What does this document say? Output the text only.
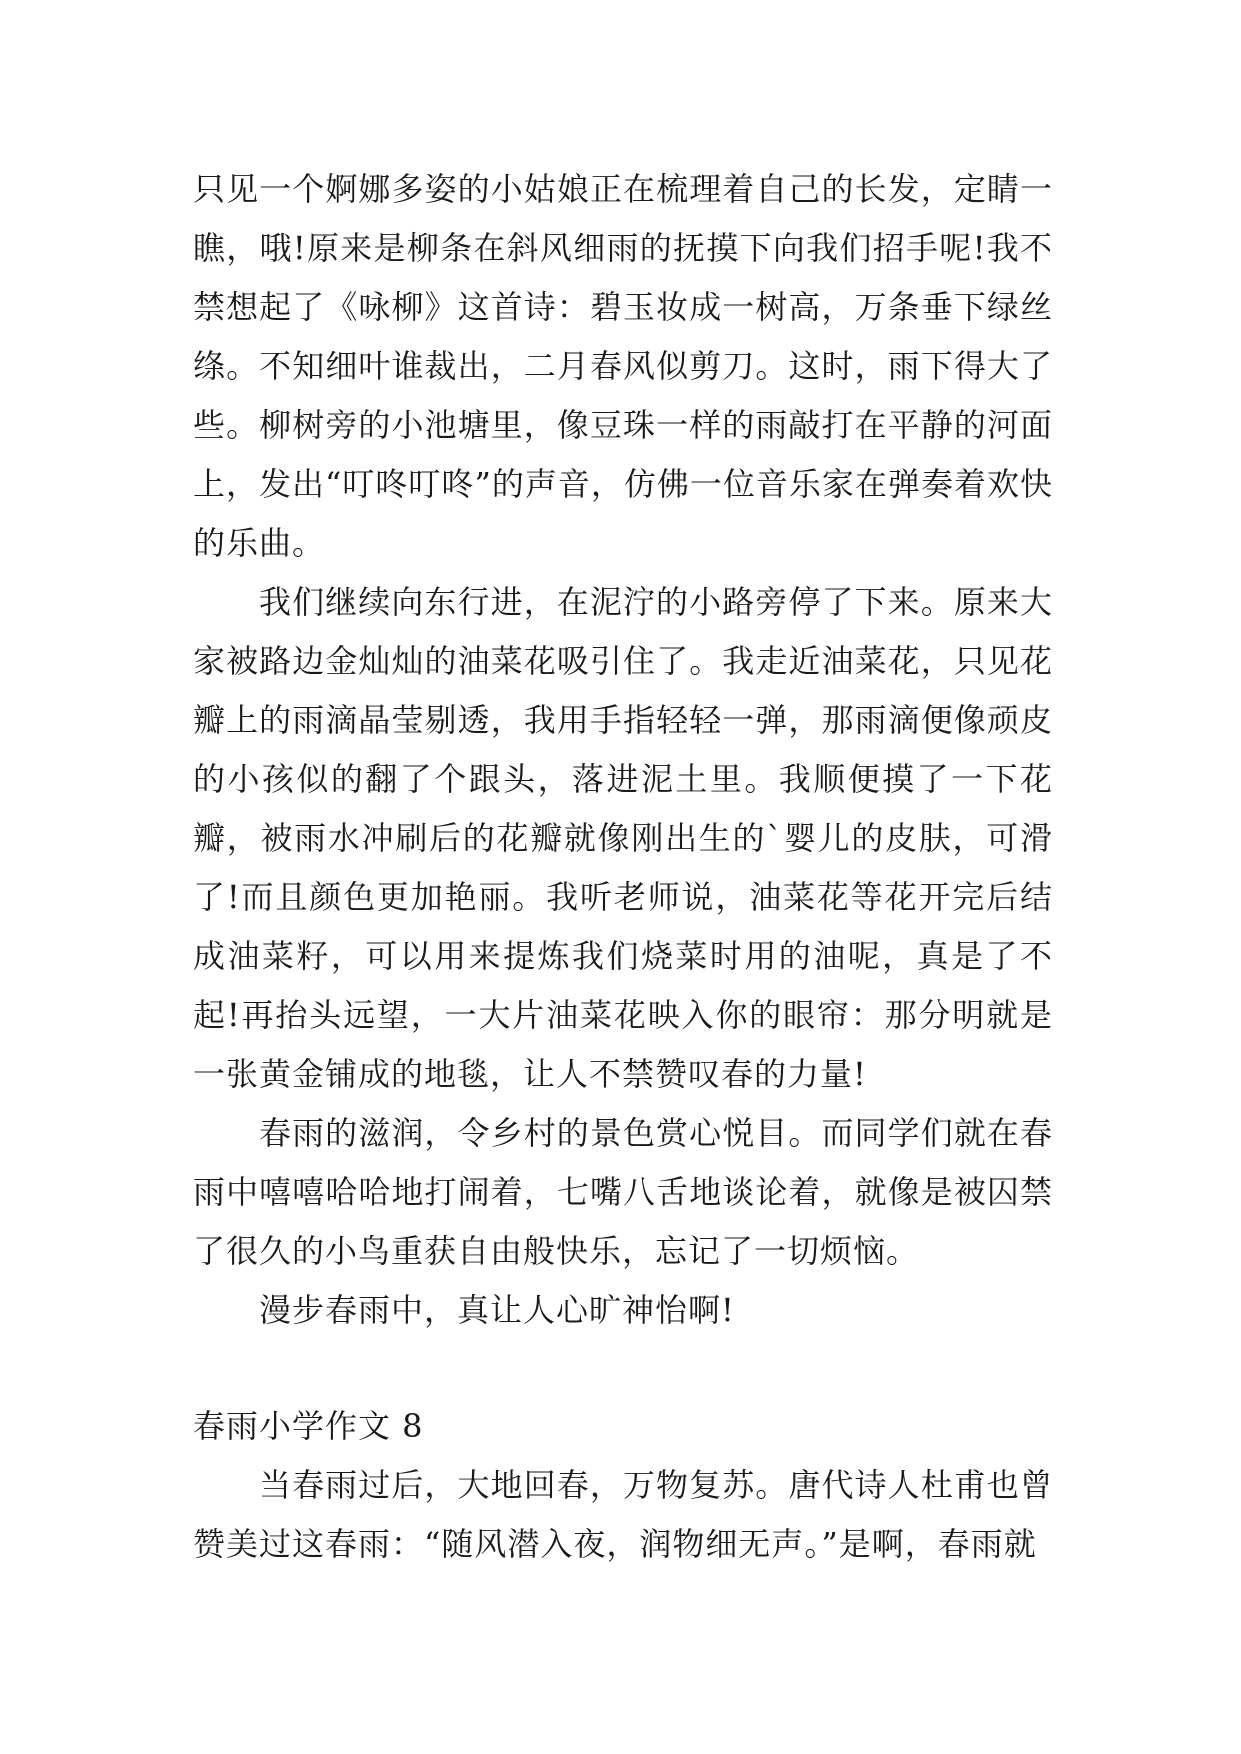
只见一个婀娜多姿的小姑娘正在梳理着自己的长发，定睛一瞧，哦!原来是柳条在斜风细雨的抚摸下向我们招手呢!我不禁想起了《咏柳》这首诗：碧玉妆成一树高，万条垂下绿丝绦。不知细叶谁裁出，二月春风似剪刀。这时，雨下得大了些。柳树旁的小池塘里，像豆珠一样的雨敲打在平静的河面上，发出“叮咚叮咚”的声音，仿佛一位音乐家在弹奏着欢快的乐曲。

我们继续向东行进，在泥泞的小路旁停了下来。原来大家被路边金灿灿的油菜花吸引住了。我走近油菜花，只见花瓣上的雨滴晶莹剔透，我用手指轻轻一弹，那雨滴便像顽皮的小孩似的翻了个跟头，落进泥土里。我顺便摸了一下花瓣，被雨水冲刷后的花瓣就像刚出生的`婴儿的皮肤，可滑了!而且颜色更加艳丽。我听老师说，油菜花等花开完后结成油菜籽，可以用来提炼我们烧菜时用的油呢，真是了不起!再抬头远望，一大片油菜花映入你的眼帘：那分明就是一张黄金铺成的地毯，让人不禁赞叹春的力量!

春雨的滋润，令乡村的景色赏心悦目。而同学们就在春雨中嘻嘻哈哈地打闹着，七嘴八舌地谈论着，就像是被囚禁了很久的小鸟重获自由般快乐，忘记了一切烦恼。

漫步春雨中，真让人心旷神怡啊!

春雨小学作文 8

当春雨过后，大地回春，万物复苏。唐代诗人杜甫也曾赞美过这春雨：“随风潜入夜，润物细无声。”是啊，春雨就
